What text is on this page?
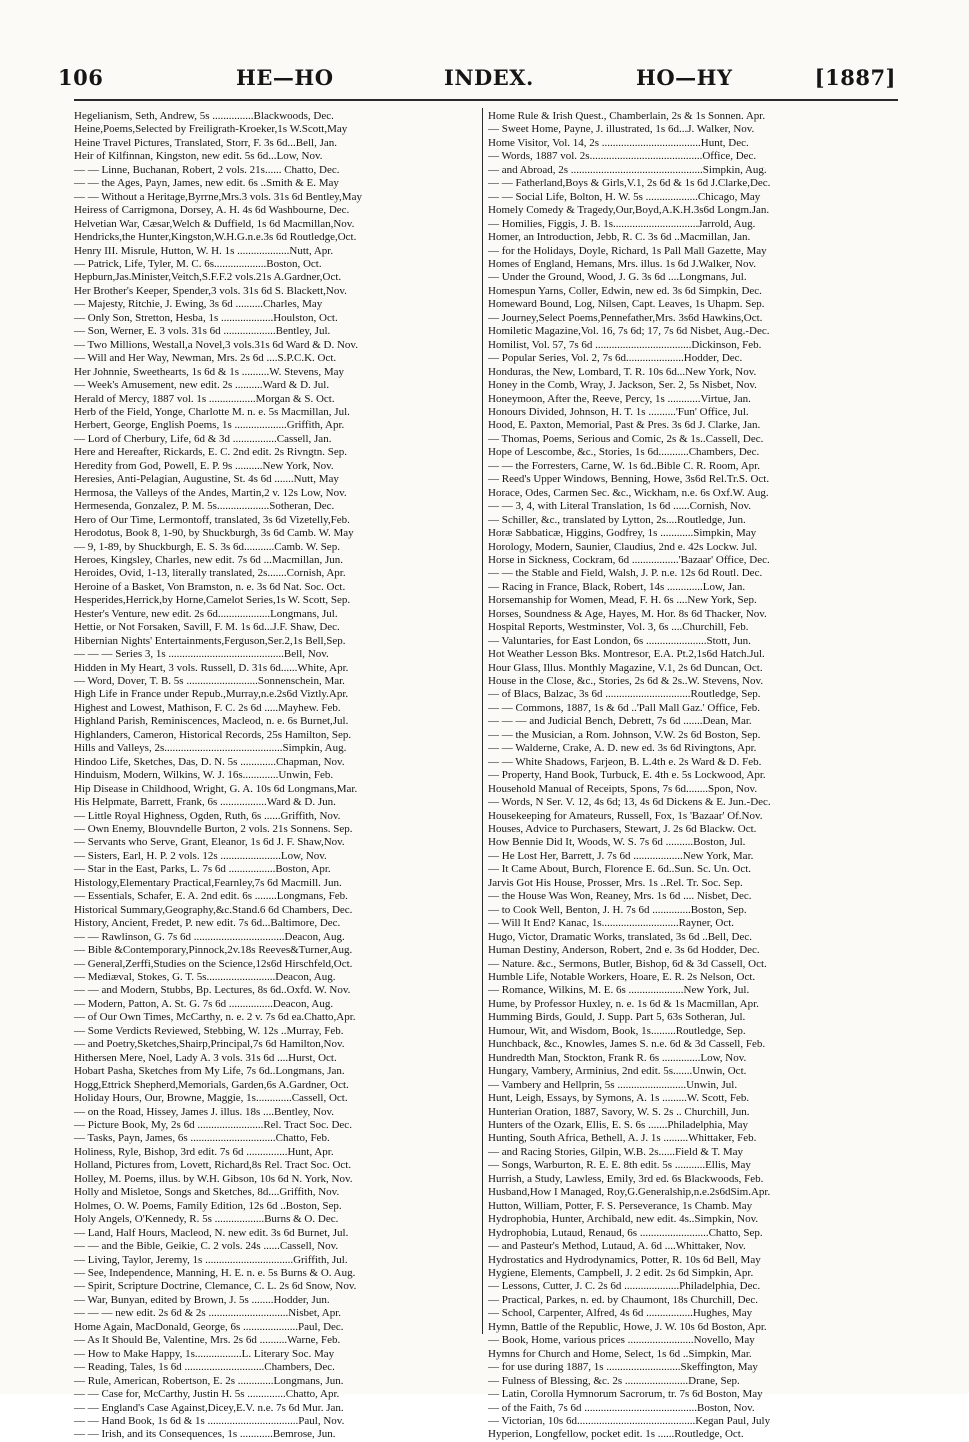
106	HE—HO	INDEX.	HO—HY	[1887]

Hegelianism, Seth, Andrew, 5s ...............Blackwoods, Dec.

Heine,Poems,Selected by Freiligrath-Kroeker,1s W.Scott,May

Heine Travel Pictures, Translated, Storr, F. 3s 6d...Bell, Jan.

Heir of Kilfinnan, Kingston, new edit. 5s 6d...Low, Nov.

— — Linne, Buchanan, Robert, 2 vols. 21s...... Chatto, Dec.

— — the Ages, Payn, James, new edit. 6s ..Smith & E. May

— — Without a Heritage,Byrrne,Mrs.3 vols. 31s 6d Bentley,May

Heiress of Carrigmona, Dorsey, A. H. 4s 6d Washbourne, Dec.

Helvetian War, Cæsar,Welch & Duffield, 1s 6d Macmillan,Nov.

Hendricks,the Hunter,Kingston,W.H.G.n.e.3s 6d Routledge,Oct.

Henry III. Misrule, Hutton, W. H. 1s ...................Nutt, Apr.

— Patrick, Life, Tyler, M. C. 6s...................Boston, Oct.

Hepburn,Jas.Minister,Veitch,S.F.F.2 vols.21s A.Gardner,Oct.

Her Brother's Keeper, Spender,3 vols. 31s 6d S. Blackett,Nov.

— Majesty, Ritchie, J. Ewing, 3s 6d ..........Charles, May

— Only Son, Stretton, Hesba, 1s ...................Houlston, Oct.

— Son, Werner, E. 3 vols. 31s 6d ...................Bentley, Jul.

— Two Millions, Westall,a Novel,3 vols.31s 6d Ward & D. Nov.

— Will and Her Way, Newman, Mrs. 2s 6d ....S.P.C.K. Oct.

Her Johnnie, Sweethearts, 1s 6d & 1s ..........W. Stevens, May

— Week's Amusement, new edit. 2s ..........Ward & D. Jul.

Herald of Mercy, 1887 vol. 1s .................Morgan & S. Oct.

Herb of the Field, Yonge, Charlotte M. n. e. 5s Macmillan, Jul.

Herbert, George, English Poems, 1s ...................Griffith, Apr.

— Lord of Cherbury, Life, 6d & 3d ................Cassell, Jan.

Here and Hereafter, Rickards, E. C. 2nd edit. 2s Rivngtn. Sep.

Heredity from God, Powell, E. P. 9s ..........New York, Nov.

Heresies, Anti-Pelagian, Augustine, St. 4s 6d .......Nutt, May

Hermosa, the Valleys of the Andes, Martin,2 v. 12s Low, Nov.

Hermesenda, Gonzalez, P. M. 5s...................Sotheran, Dec.

Hero of Our Time, Lermontoff, translated, 3s 6d Vizetelly,Feb.

Herodotus, Book 8, 1-90, by Shuckburgh, 3s 6d Camb. W. May

— 9, 1-89, by Shuckburgh, E. S. 3s 6d...........Camb. W. Sep.

Heroes, Kingsley, Charles, new edit. 7s 6d ...Macmillan, Jun.

Heroides, Ovid, 1-13, literally translated, 2s.......Cornish, Apr.

Heroine of a Basket, Von Bramston, n. e. 3s 6d Nat. Soc. Oct.

Hesperides,Herrick,by Horne,Camelot Series,1s W. Scott, Sep.

Hester's Venture, new edit. 2s 6d...................Longmans, Jul.

Hettie, or Not Forsaken, Savill, F. M. 1s 6d...J.F. Shaw, Dec.

Hibernian Nights' Entertainments,Ferguson,Ser.2,1s Bell,Sep.

— — — Series 3, 1s ..........................................Bell, Nov.

Hidden in My Heart, 3 vols. Russell, D. 31s 6d......White, Apr.

— Word, Dover, T. B. 5s ..........................Sonnenschein, Mar.

High Life in France under Repub.,Murray,n.e.2s6d Viztly.Apr.

Highest and Lowest, Mathison, F. C. 2s 6d .....Mayhew. Feb.

Highland Parish, Reminiscences, Macleod, n. e. 6s Burnet,Jul.

Highlanders, Cameron, Historical Records, 25s Hamilton, Sep.

Hills and Valleys, 2s...........................................Simpkin, Aug.

Hindoo Life, Sketches, Das, D. N. 5s .............Chapman, Nov.

Hinduism, Modern, Wilkins, W. J. 16s.............Unwin, Feb.

Hip Disease in Childhood, Wright, G. A. 10s 6d Longmans,Mar.

His Helpmate, Barrett, Frank, 6s .................Ward & D. Jun.

— Little Royal Highness, Ogden, Ruth, 6s ......Griffith, Nov.

— Own Enemy, Blouvndelle Burton, 2 vols. 21s Sonnens. Sep.

— Servants who Serve, Grant, Eleanor, 1s 6d J. F. Shaw,Nov.

— Sisters, Earl, H. P. 2 vols. 12s ......................Low, Nov.

— Star in the East, Parks, L. 7s 6d .................Boston, Apr.

Histology,Elementary Practical,Fearnley,7s 6d Macmill. Jun.

— Essentials, Schafer, E. A. 2nd edit. 6s ........Longmans, Feb.

Historical Summary,Geography,&c.Stand.6 6d Chambers, Dec.

History, Ancient, Fredet, P. new edit. 7s 6d...Baltimore, Dec.

— — Rawlinson, G. 7s 6d .................................Deacon, Aug.

— Bible &Contemporary,Pinnock,2v.18s Reeves&Turner,Aug.

— General,Zerffi,Studies on the Science,12s6d Hirschfeld,Oct.

— Mediæval, Stokes, G. T. 5s.........................Deacon, Aug.

— — and Modern, Stubbs, Bp. Lectures, 8s 6d..Oxfd. W. Nov.

— Modern, Patton, A. St. G. 7s 6d ................Deacon, Aug.

— of Our Own Times, McCarthy, n. e. 2 v. 7s 6d ea.Chatto,Apr.

— Some Verdicts Reviewed, Stebbing, W. 12s ..Murray, Feb.

— and Poetry,Sketches,Shairp,Principal,7s 6d Hamilton,Nov.

Hithersen Mere, Noel, Lady A. 3 vols. 31s 6d ....Hurst, Oct.

Hobart Pasha, Sketches from My Life, 7s 6d..Longmans, Jan.

Hogg,Ettrick Shepherd,Memorials, Garden,6s A.Gardner, Oct.

Holiday Hours, Our, Browne, Maggie, 1s.............Cassell, Oct.

— on the Road, Hissey, James J. illus. 18s ....Bentley, Nov.

— Picture Book, My, 2s 6d ........................Rel. Tract Soc. Dec.

— Tasks, Payn, James, 6s ...............................Chatto, Feb.

Holiness, Ryle, Bishop, 3rd edit. 7s 6d ...............Hunt, Apr.

Holland, Pictures from, Lovett, Richard,8s Rel. Tract Soc. Oct.

Holley, M. Poems, illus. by W.H. Gibson, 10s 6d N. York, Nov.

Holly and Misletoe, Songs and Sketches, 8d....Griffith, Nov.

Holmes, O. W. Poems, Family Edition, 12s 6d ..Boston, Sep.

Holy Angels, O'Kennedy, R. 5s ..................Burns & O. Dec.

— Land, Half Hours, Macleod, N. new edit. 3s 6d Burnet, Jul.

— — and the Bible, Geikie, C. 2 vols. 24s ......Cassell, Nov.

— Living, Taylor, Jeremy, 1s ................................Griffith, Jul.

— See, Independence, Manning, H. E. n. e. 5s Burns & O. Aug.

— Spirit, Scripture Doctrine, Clemance, C. L. 2s 6d Snow, Nov.

— War, Bunyan, edited by Brown, J. 5s ........Hodder, Jun.

— — — new edit. 2s 6d & 2s .............................Nisbet, Apr.

Home Again, MacDonald, George, 6s ....................Paul, Dec.

— As It Should Be, Valentine, Mrs. 2s 6d ..........Warne, Feb.

— How to Make Happy, 1s.................L. Literary Soc. May

— Reading, Tales, 1s 6d .............................Chambers, Dec.

— Rule, American, Robertson, E. 2s .............Longmans, Jun.

— — Case for, McCarthy, Justin H. 5s ..............Chatto, Apr.

— — England's Case Against,Dicey,E.V. n.e. 7s 6d Mur. Jan.

— — Hand Book, 1s 6d & 1s .................................Paul, Nov.

— — Irish, and its Consequences, 1s ............Bemrose, Jun.

Home Rule & Irish Quest., Chamberlain, 2s & 1s Sonnen. Apr.

— Sweet Home, Payne, J. illustrated, 1s 6d...J. Walker, Nov.

Home Visitor, Vol. 14, 2s ....................................Hunt, Dec.

— Words, 1887 vol. 2s.........................................Office, Dec.

— and Abroad, 2s ................................................Simpkin, Aug.

— — Fatherland,Boys & Girls,V.1, 2s 6d & 1s 6d J.Clarke,Dec.

— — Social Life, Bolton, H. W. 5s ...................Chicago, May

Homely Comedy & Tragedy,Our,Boyd,A.K.H.3s6d Longm.Jan.

— Homilies, Figgis, J. B. 1s...............................Jarrold, Aug.

Homer, an Introduction, Jebb, R. C. 3s 6d ..Macmillan, Jan.

— for the Holidays, Doyle, Richard, 1s Pall Mall Gazette, May

Homes of England, Hemans, Mrs. illus. 1s 6d J.Walker, Nov.

— Under the Ground, Wood, J. G. 3s 6d ....Longmans, Jul.

Homespun Yarns, Coller, Edwin, new ed. 3s 6d Simpkin, Dec.

Homeward Bound, Log, Nilsen, Capt. Leaves, 1s Uhapm. Sep.

— Journey,Select Poems,Pennefather,Mrs. 3s6d Hawkins,Oct.

Homiletic Magazine,Vol. 16, 7s 6d; 17, 7s 6d Nisbet, Aug.-Dec.

Homilist, Vol. 57, 7s 6d ...................................Dickinson, Feb.

— Popular Series, Vol. 2, 7s 6d.....................Hodder, Dec.

Honduras, the New, Lombard, T. R. 10s 6d...New York, Nov.

Honey in the Comb, Wray, J. Jackson, Ser. 2, 5s Nisbet, Nov.

Honeymoon, After the, Reeve, Percy, 1s ............Virtue, Jan.

Honours Divided, Johnson, H. T. 1s ..........'Fun' Office, Jul.

Hood, E. Paxton, Memorial, Past & Pres. 3s 6d J. Clarke, Jan.

— Thomas, Poems, Serious and Comic, 2s & 1s..Cassell, Dec.

Hope of Lescombe, &c., Stories, 1s 6d...........Chambers, Dec.

— — the Forresters, Carne, W. 1s 6d..Bible C. R. Room, Apr.

— Reed's Upper Windows, Benning, Howe, 3s6d Rel.Tr.S. Oct.

Horace, Odes, Carmen Sec. &c., Wickham, n.e. 6s Oxf.W. Aug.

— — 3, 4, with Literal Translation, 1s 6d ......Cornish, Nov.

— Schiller, &c., translated by Lytton, 2s....Routledge, Jun.

Horæ Sabbaticæ, Higgins, Godfrey, 1s ............Simpkin, May

Horology, Modern, Saunier, Claudius, 2nd e. 42s Lockw. Jul.

Horse in Sickness, Cockram, 6d .................'Bazaar' Office, Dec.

— — the Stable and Field, Walsh, J. P. n.e. 12s 6d Routl. Dec.

— Racing in France, Black, Robert, 14s .............Low, Jan.

Horsemanship for Women, Mead, F. H. 6s ....New York, Sep.

Horses, Soundness & Age, Hayes, M. Hor. 8s 6d Thacker, Nov.

Hospital Reports, Westminster, Vol. 3, 6s ....Churchill, Feb.

— Valuntaries, for East London, 6s ......................Stott, Jun.

Hot Weather Lesson Bks. Montresor, E.A. Pt.2,1s6d Hatch.Jul.

Hour Glass, Illus. Monthly Magazine, V.1, 2s 6d Duncan, Oct.

House in the Close, &c., Stories, 2s 6d & 2s..W. Stevens, Nov.

— of Blacs, Balzac, 3s 6d ...............................Routledge, Sep.

— — Commons, 1887, 1s & 6d ..'Pall Mall Gaz.' Office, Feb.

— — — and Judicial Bench, Debrett, 7s 6d .......Dean, Mar.

— — the Musician, a Rom. Johnson, V.W. 2s 6d Boston, Sep.

— — Walderne, Crake, A. D. new ed. 3s 6d Rivingtons, Apr.

— — White Shadows, Farjeon, B. L.4th e. 2s Ward & D. Feb.

— Property, Hand Book, Turbuck, E. 4th e. 5s Lockwood, Apr.

Household Manual of Receipts, Spons, 7s 6d........Spon, Nov.

— Words, N Ser. V. 12, 4s 6d; 13, 4s 6d Dickens & E. Jun.-Dec.

Housekeeping for Amateurs, Russell, Fox, 1s 'Bazaar' Of.Nov.

Houses, Advice to Purchasers, Stewart, J. 2s 6d Blackw. Oct.

How Bennie Did It, Woods, W. S. 7s 6d ..........Boston, Jul.

— He Lost Her, Barrett, J. 7s 6d ..................New York, Mar.

— It Came About, Burch, Florence E. 6d..Sun. Sc. Un. Oct.

Jarvis Got His House, Prosser, Mrs. 1s ..Rel. Tr. Soc. Sep.

— the House Was Won, Reaney, Mrs. 1s 6d .... Nisbet, Dec.

— to Cook Well, Benton, J. H. 7s 6d ..............Boston, Sep.

— Will It End? Kanac, 1s............................Rayner, Oct.

Hugo, Victor, Dramatic Works, translated, 3s 6d ..Bell, Dec.

Human Destiny, Anderson, Robert, 2nd e. 3s 6d Hodder, Dec.

— Nature. &c., Sermons, Butler, Bishop, 6d & 3d Cassell, Oct.

Humble Life, Notable Workers, Hoare, E. R. 2s Nelson, Oct.

— Romance, Wilkins, M. E. 6s ....................New York, Jul.

Hume, by Professor Huxley, n. e. 1s 6d & 1s Macmillan, Apr.

Humming Birds, Gould, J. Supp. Part 5, 63s Sotheran, Jul.

Humour, Wit, and Wisdom, Book, 1s.........Routledge, Sep.

Hunchback, &c., Knowles, James S. n.e. 6d & 3d Cassell, Feb.

Hundredth Man, Stockton, Frank R. 6s ..............Low, Nov.

Hungary, Vambery, Arminius, 2nd edit. 5s.......Unwin, Oct.

— Vambery and Hellprin, 5s .........................Unwin, Jul.

Hunt, Leigh, Essays, by Symons, A. 1s .........W. Scott, Feb.

Hunterian Oration, 1887, Savory, W. S. 2s .. Churchill, Jun.

Hunters of the Ozark, Ellis, E. S. 6s .......Philadelphia, May

Hunting, South Africa, Bethell, A. J. 1s .........Whittaker, Feb.

— and Racing Stories, Gilpin, W.B. 2s......Field & T. May

— Songs, Warburton, R. E. E. 8th edit. 5s ...........Ellis, May

Hurrish, a Study, Lawless, Emily, 3rd ed. 6s Blackwoods, Feb.

Husband,How I Managed, Roy,G.Generalship,n.e.2s6dSim.Apr.

Hutton, William, Potter, F. S. Perseverance, 1s Chamb. May

Hydrophobia, Hunter, Archibald, new edit. 4s..Simpkin, Nov.

Hydrophobia, Lutaud, Renaud, 6s .........................Chatto, Sep.

— and Pasteur's Method, Lutaud, A. 6d ....Whittaker, Nov.

Hydrostatics and Hydrodynamics, Potter, R. 10s 6d Bell, May

Hygiene, Elements, Campbell, J. 2 edit. 2s 6d Simpkin, Apr.

— Lessons, Cutter, J. C. 2s 6d ....................Philadelphia, Dec.

— Practical, Parkes, n. ed. by Chaumont, 18s Churchill, Dec.

— School, Carpenter, Alfred, 4s 6d .................Hughes, May

Hymn, Battle of the Republic, Howe, J. W. 10s 6d Boston, Apr.

— Book, Home, various prices ........................Novello, May

Hymns for Church and Home, Select, 1s 6d ..Simpkin, Mar.

— for use during 1887, 1s ...........................Skeffington, May

— Fulness of Blessing, &c. 2s .......................Drane, Sep.

— Latin, Corolla Hymnorum Sacrorum, tr. 7s 6d Boston, May

— of the Faith, 7s 6d .........................................Boston, Nov.

— Victorian, 10s 6d...........................................Kegan Paul, July

Hyperion, Longfellow, pocket edit. 1s ......Routledge, Oct.
